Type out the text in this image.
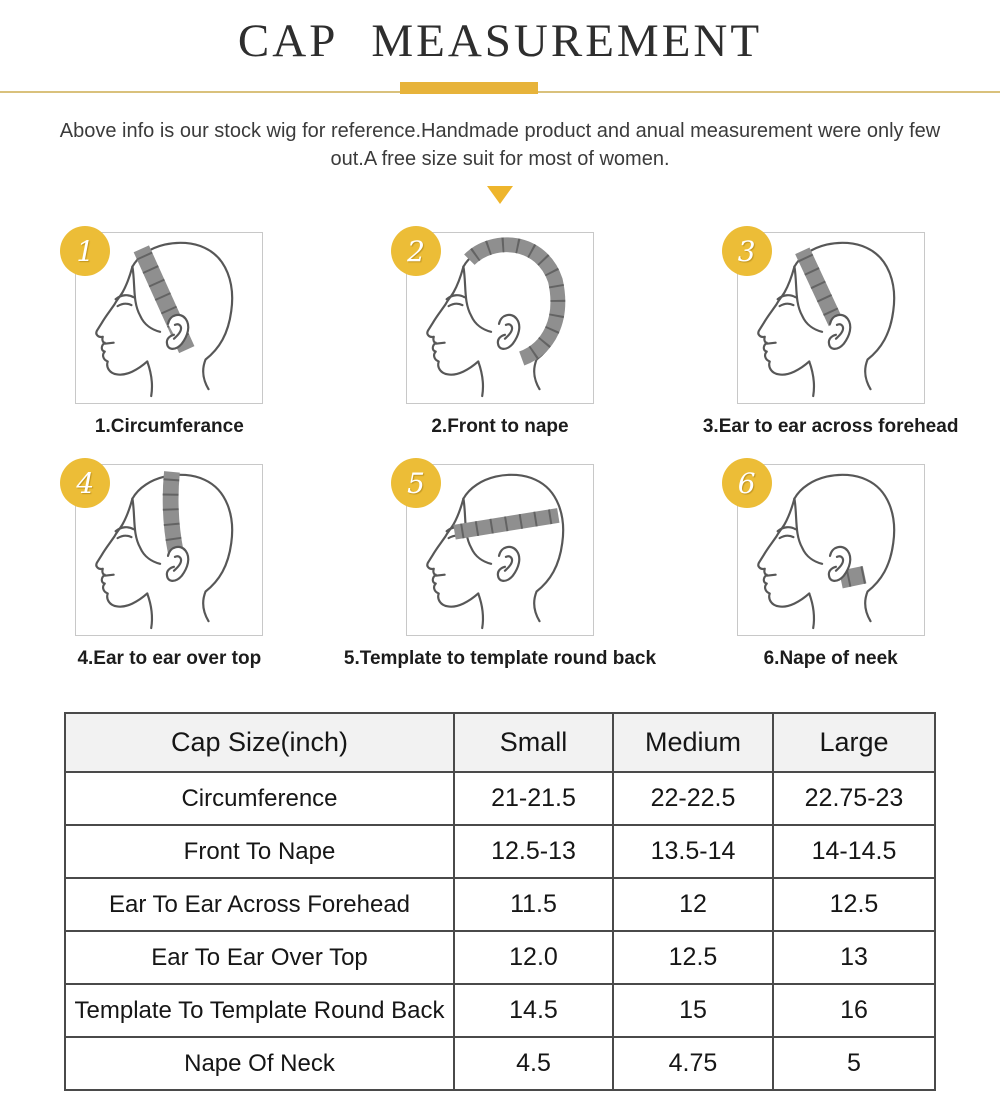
CAP MEASUREMENT
Above info is our stock wig for reference.Handmade product and anual measurement were only few
out.A free size suit for most of women.
1
1.Circumferance
2
2.Front to nape
3
3.Ear to ear across forehead
4
4.Ear to ear over top
5
5.Template to template round back
6
6.Nape of neek
Cap Size(inch)	Small	Medium	Large
Circumference	21-21.5	22-22.5	22.75-23
Front To Nape	12.5-13	13.5-14	14-14.5
Ear To Ear Across Forehead	11.5	12	12.5
Ear To Ear Over Top	12.0	12.5	13
Template To Template Round Back	14.5	15	16
Nape Of Neck	4.5	4.75	5
